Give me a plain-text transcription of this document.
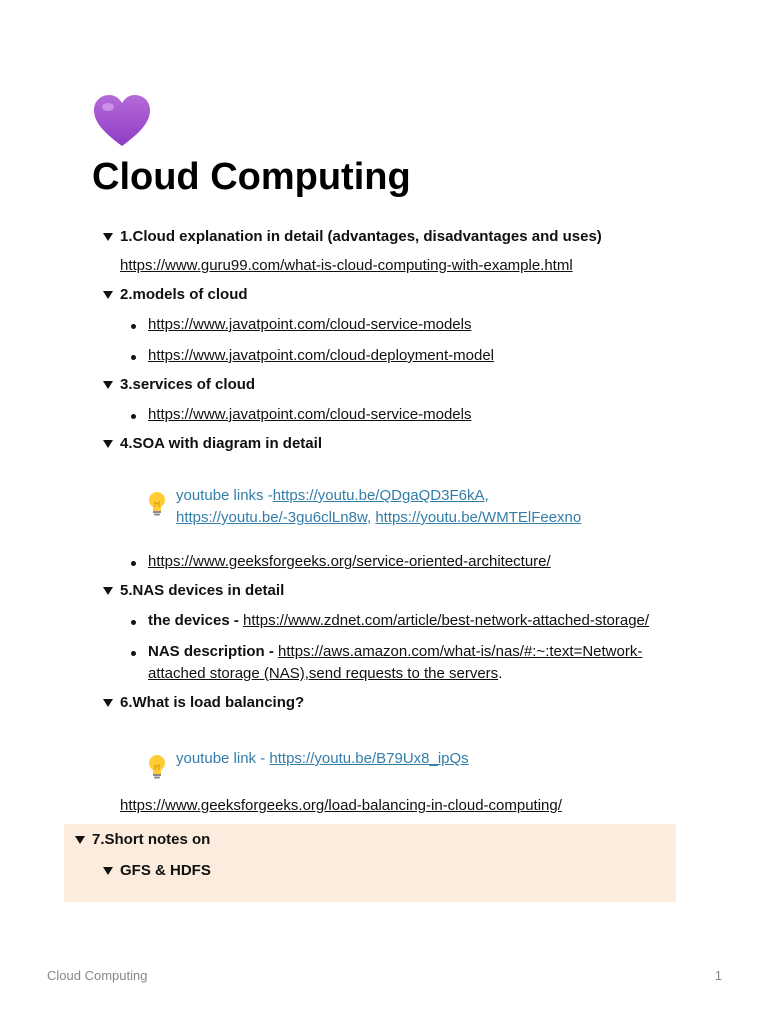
Cloud Computing
1.Cloud explanation in detail (advantages, disadvantages and uses)
https://www.guru99.com/what-is-cloud-computing-with-example.html
2.models of cloud
https://www.javatpoint.com/cloud-service-models
https://www.javatpoint.com/cloud-deployment-model
3.services of cloud
https://www.javatpoint.com/cloud-service-models
4.SOA with diagram in detail
youtube links -https://youtu.be/QDgaQD3F6kA,
https://youtu.be/-3gu6clLn8w, https://youtu.be/WMTElFeexno
https://www.geeksforgeeks.org/service-oriented-architecture/
5.NAS devices in detail
the devices - https://www.zdnet.com/article/best-network-attached-storage/
NAS description - https://aws.amazon.com/what-is/nas/#:~:text=Network-attached storage (NAS),send requests to the servers.
6.What is load balancing?
youtube link - https://youtu.be/B79Ux8_ipQs
https://www.geeksforgeeks.org/load-balancing-in-cloud-computing/
7.Short notes on
GFS & HDFS
Cloud Computing	1
